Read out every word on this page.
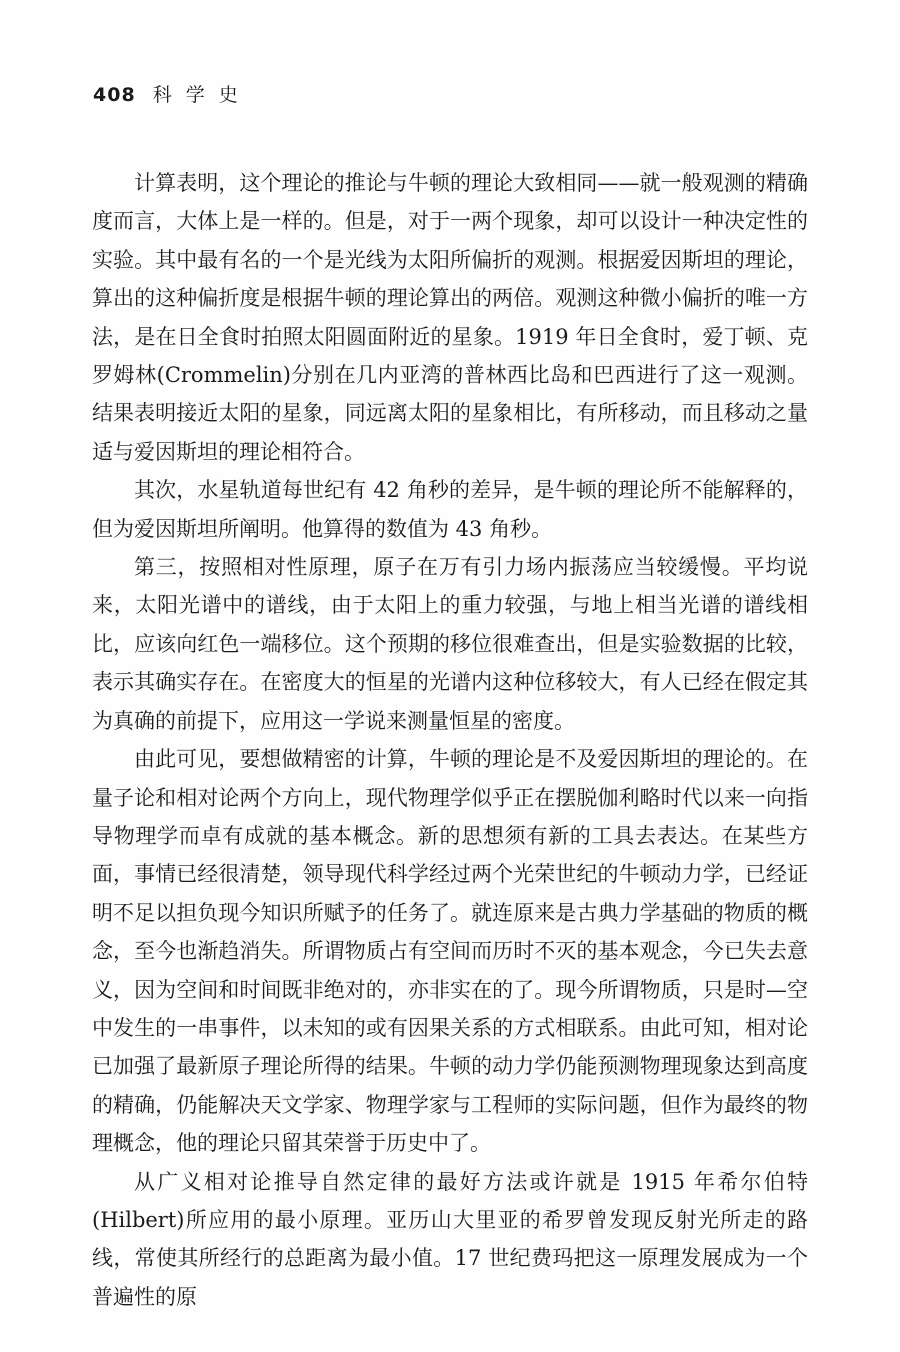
408 科学史

计算表明，这个理论的推论与牛顿的理论大致相同——就一般观测的精确度而言，大体上是一样的。但是，对于一两个现象，却可以设计一种决定性的实验。其中最有名的一个是光线为太阳所偏折的观测。根据爱因斯坦的理论，算出的这种偏折度是根据牛顿的理论算出的两倍。观测这种微小偏折的唯一方法，是在日全食时拍照太阳圆面附近的星象。1919 年日全食时，爱丁顿、克罗姆林(Crommelin)分别在几内亚湾的普林西比岛和巴西进行了这一观测。结果表明接近太阳的星象，同远离太阳的星象相比，有所移动，而且移动之量适与爱因斯坦的理论相符合。

其次，水星轨道每世纪有 42 角秒的差异，是牛顿的理论所不能解释的，但为爱因斯坦所阐明。他算得的数值为 43 角秒。

第三，按照相对性原理，原子在万有引力场内振荡应当较缓慢。平均说来，太阳光谱中的谱线，由于太阳上的重力较强，与地上相当光谱的谱线相比，应该向红色一端移位。这个预期的移位很难查出，但是实验数据的比较，表示其确实存在。在密度大的恒星的光谱内这种位移较大，有人已经在假定其为真确的前提下，应用这一学说来测量恒星的密度。

由此可见，要想做精密的计算，牛顿的理论是不及爱因斯坦的理论的。在量子论和相对论两个方向上，现代物理学似乎正在摆脱伽利略时代以来一向指导物理学而卓有成就的基本概念。新的思想须有新的工具去表达。在某些方面，事情已经很清楚，领导现代科学经过两个光荣世纪的牛顿动力学，已经证明不足以担负现今知识所赋予的任务了。就连原来是古典力学基础的物质的概念，至今也渐趋消失。所谓物质占有空间而历时不灭的基本观念，今已失去意义，因为空间和时间既非绝对的，亦非实在的了。现今所谓物质，只是时—空中发生的一串事件，以未知的或有因果关系的方式相联系。由此可知，相对论已加强了最新原子理论所得的结果。牛顿的动力学仍能预测物理现象达到高度的精确，仍能解决天文学家、物理学家与工程师的实际问题，但作为最终的物理概念，他的理论只留其荣誉于历史中了。

从广义相对论推导自然定律的最好方法或许就是 1915 年希尔伯特(Hilbert)所应用的最小原理。亚历山大里亚的希罗曾发现反射光所走的路线，常使其所经行的总距离为最小值。17 世纪费玛把这一原理发展成为一个普遍性的原
